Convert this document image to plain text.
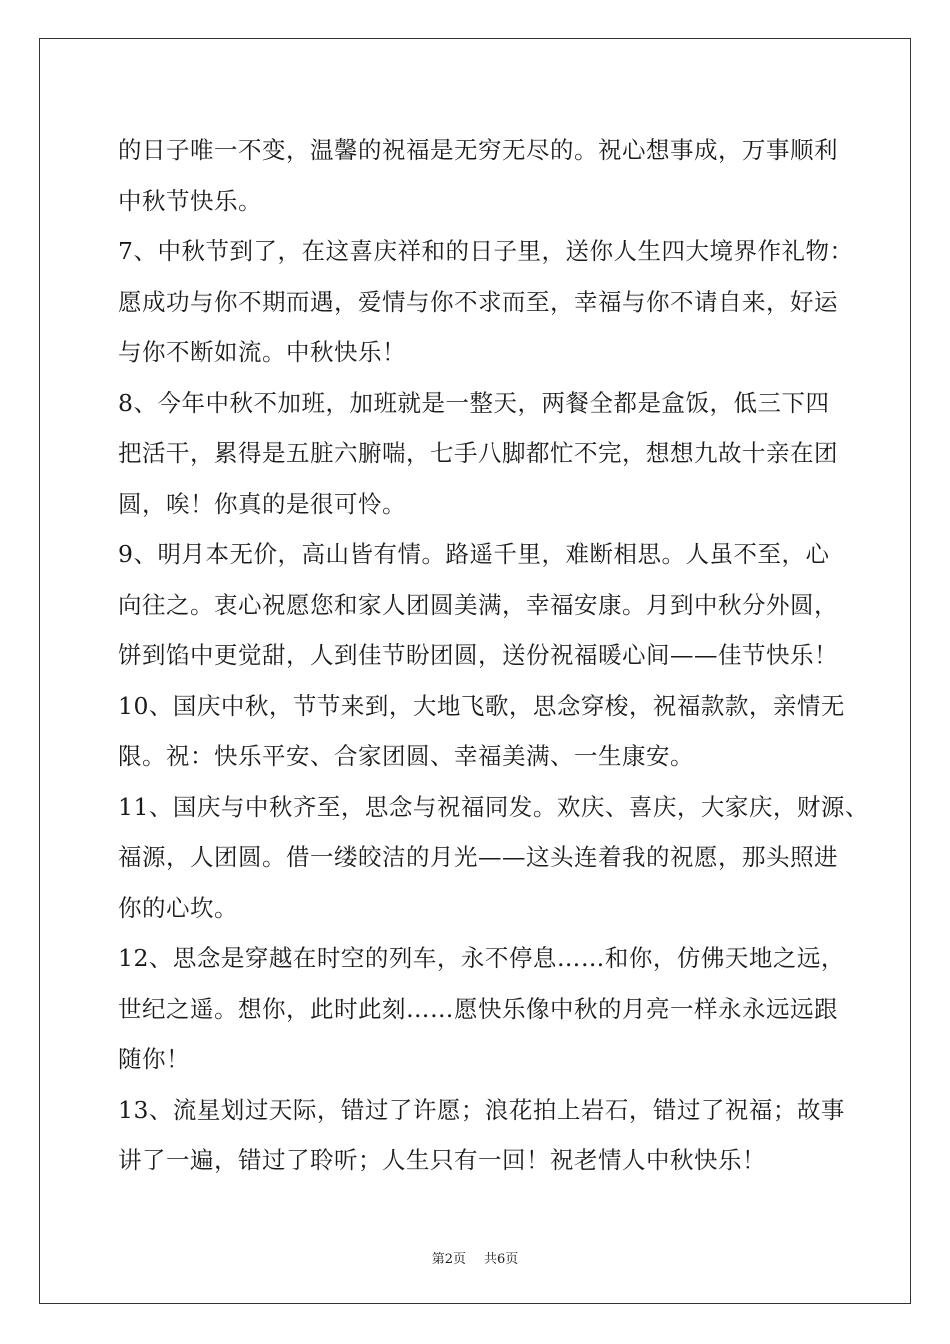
的日子唯一不变，温馨的祝福是无穷无尽的。祝心想事成，万事顺利
中秋节快乐。
7、中秋节到了，在这喜庆祥和的日子里，送你人生四大境界作礼物：
愿成功与你不期而遇，爱情与你不求而至，幸福与你不请自来，好运
与你不断如流。中秋快乐！
8、今年中秋不加班，加班就是一整天，两餐全都是盒饭，低三下四
把活干，累得是五脏六腑喘，七手八脚都忙不完，想想九故十亲在团
圆，唉！你真的是很可怜。
9、明月本无价，高山皆有情。路遥千里，难断相思。人虽不至，心
向往之。衷心祝愿您和家人团圆美满，幸福安康。月到中秋分外圆，
饼到馅中更觉甜，人到佳节盼团圆，送份祝福暖心间——佳节快乐！
10、国庆中秋，节节来到，大地飞歌，思念穿梭，祝福款款，亲情无
限。祝：快乐平安、合家团圆、幸福美满、一生康安。
11、国庆与中秋齐至，思念与祝福同发。欢庆、喜庆，大家庆，财源、
福源，人团圆。借一缕皎洁的月光——这头连着我的祝愿，那头照进
你的心坎。
12、思念是穿越在时空的列车，永不停息……和你，仿佛天地之远，
世纪之遥。想你，此时此刻……愿快乐像中秋的月亮一样永永远远跟
随你！
13、流星划过天际，错过了许愿；浪花拍上岩石，错过了祝福；故事
讲了一遍，错过了聆听；人生只有一回！祝老情人中秋快乐！
第2页 共6页
